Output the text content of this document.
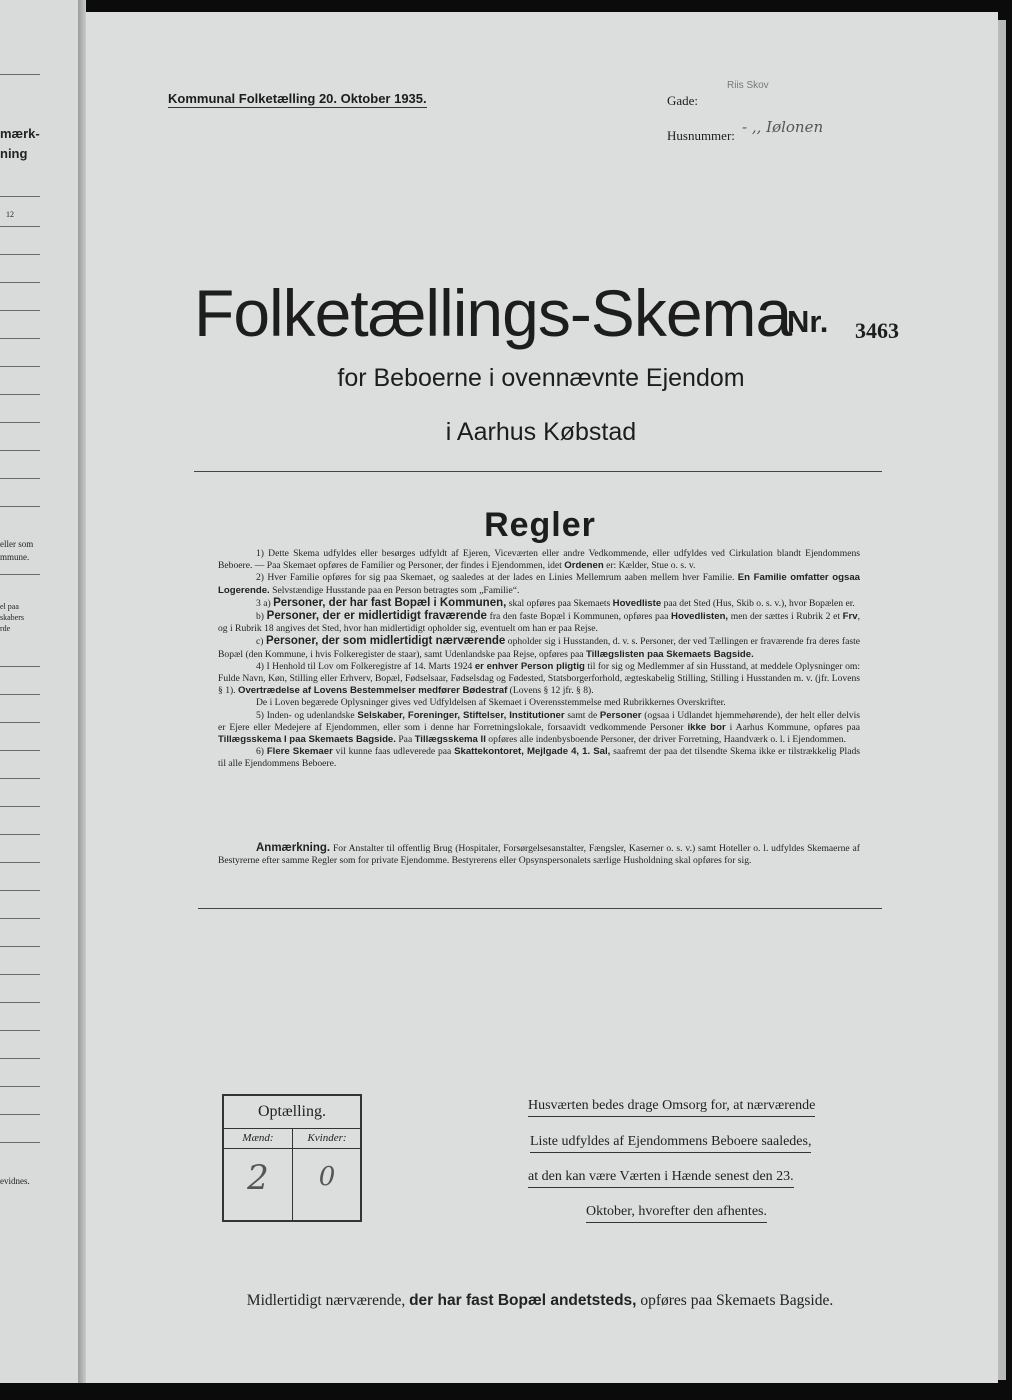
mærk-
ning
12
eller som
mmune.
el paa
skabers
rde
evidnes.
Kommunal Folketælling 20. Oktober 1935.	Gade:
Riis Skov
Husnummer: - ,, Iølonen
Folketællings-Skema
Nr. 3463
for Beboerne i ovennævnte Ejendom
i Aarhus Købstad
Regler

1) Dette Skema udfyldes eller besørges udfyldt af Ejeren, Viceværten eller andre Vedkommende, eller udfyldes ved Cirkulation blandt Ejendommens Beboere. — Paa Skemaet opføres de Familier og Personer, der findes i Ejendommen, idet Ordenen er: Kælder, Stue o. s. v.

2) Hver Familie opføres for sig paa Skemaet, og saaledes at der lades en Linies Mellemrum aaben mellem hver Familie. En Familie omfatter ogsaa Logerende. Selvstændige Husstande paa en Person betragtes som „Familie“.

3 a) Personer, der har fast Bopæl i Kommunen, skal opføres paa Skemaets Hovedliste paa det Sted (Hus, Skib o. s. v.), hvor Bopælen er.

b) Personer, der er midlertidigt fraværende fra den faste Bopæl i Kommunen, opføres paa Hovedlisten, men der sættes i Rubrik 2 et Frv, og i Rubrik 18 angives det Sted, hvor han midlertidigt opholder sig, eventuelt om han er paa Rejse.

c) Personer, der som midlertidigt nærværende opholder sig i Husstanden, d. v. s. Personer, der ved Tællingen er fraværende fra deres faste Bopæl (den Kommune, i hvis Folkeregister de staar), samt Udenlandske paa Rejse, opføres paa Tillægslisten paa Skemaets Bagside.

4) I Henhold til Lov om Folkeregistre af 14. Marts 1924 er enhver Person pligtig til for sig og Medlemmer af sin Husstand, at meddele Oplysninger om: Fulde Navn, Køn, Stilling eller Erhverv, Bopæl, Fødselsaar, Fødselsdag og Fødested, Statsborgerforhold, ægteskabelig Stilling, Stilling i Husstanden m. v. (jfr. Lovens § 1). Overtrædelse af Lovens Bestemmelser medfører Bødestraf (Lovens § 12 jfr. § 8).

De i Loven begærede Oplysninger gives ved Udfyldelsen af Skemaet i Overensstemmelse med Rubrikkernes Overskrifter.

5) Inden- og udenlandske Selskaber, Foreninger, Stiftelser, Institutioner samt de Personer (ogsaa i Udlandet hjemmehørende), der helt eller delvis er Ejere eller Medejere af Ejendommen, eller som i denne har Forretningslokale, forsaavidt vedkommende Personer ikke bor i Aarhus Kommune, opføres paa Tillægsskema I paa Skemaets Bagside. Paa Tillægsskema II opføres alle indenbysboende Personer, der driver Forretning, Haandværk o. l. i Ejendommen.

6) Flere Skemaer vil kunne faas udleverede paa Skattekontoret, Mejlgade 4, 1. Sal, saafremt der paa det tilsendte Skema ikke er tilstrækkelig Plads til alle Ejendommens Beboere.

Anmærkning. For Anstalter til offentlig Brug (Hospitaler, Forsørgelsesanstalter, Fængsler, Kaserner o. s. v.) samt Hoteller o. l. udfyldes Skemaerne af Bestyrerne efter samme Regler som for private Ejendomme. Bestyrerens eller Opsynspersonalets særlige Husholdning skal opføres for sig.

Optælling.
Mænd:
2
Kvinder:
0
Husværten bedes drage Omsorg for, at nærværende
Liste udfyldes af Ejendommens Beboere saaledes,
at den kan være Værten i Hænde senest den 23.
Oktober, hvorefter den afhentes.
Midlertidigt nærværende, der har fast Bopæl andetsteds, opføres paa Skemaets Bagside.
